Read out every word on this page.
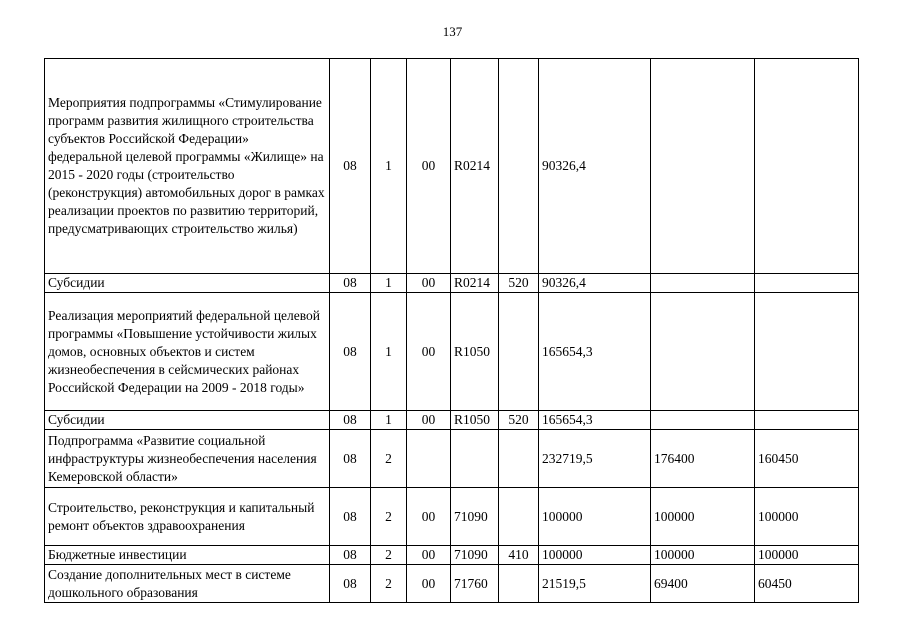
137
Мероприятия подпрограммы «Стимулирование программ развития жилищного строительства субъектов Российской Федерации» федеральной целевой программы «Жилище» на 2015 - 2020 годы (строительство (реконструкция) автомобильных дорог в рамках реализации проектов по развитию территорий, предусматривающих строительство жилья)	08	1	00	R0214		90326,4		
Субсидии	08	1	00	R0214	520	90326,4		
Реализация мероприятий федеральной целевой программы «Повышение устойчивости жилых домов, основных объектов и систем жизнеобеспечения в сейсмических районах Российской Федерации на 2009 - 2018 годы»	08	1	00	R1050		165654,3		
Субсидии	08	1	00	R1050	520	165654,3		
Подпрограмма «Развитие социальной инфраструктуры жизнеобеспечения населения Кемеровской области»	08	2				232719,5	176400	160450
Строительство, реконструкция и капитальный ремонт объектов здравоохранения	08	2	00	71090		100000	100000	100000
Бюджетные инвестиции	08	2	00	71090	410	100000	100000	100000
Создание дополнительных мест в системе дошкольного образования	08	2	00	71760		21519,5	69400	60450
